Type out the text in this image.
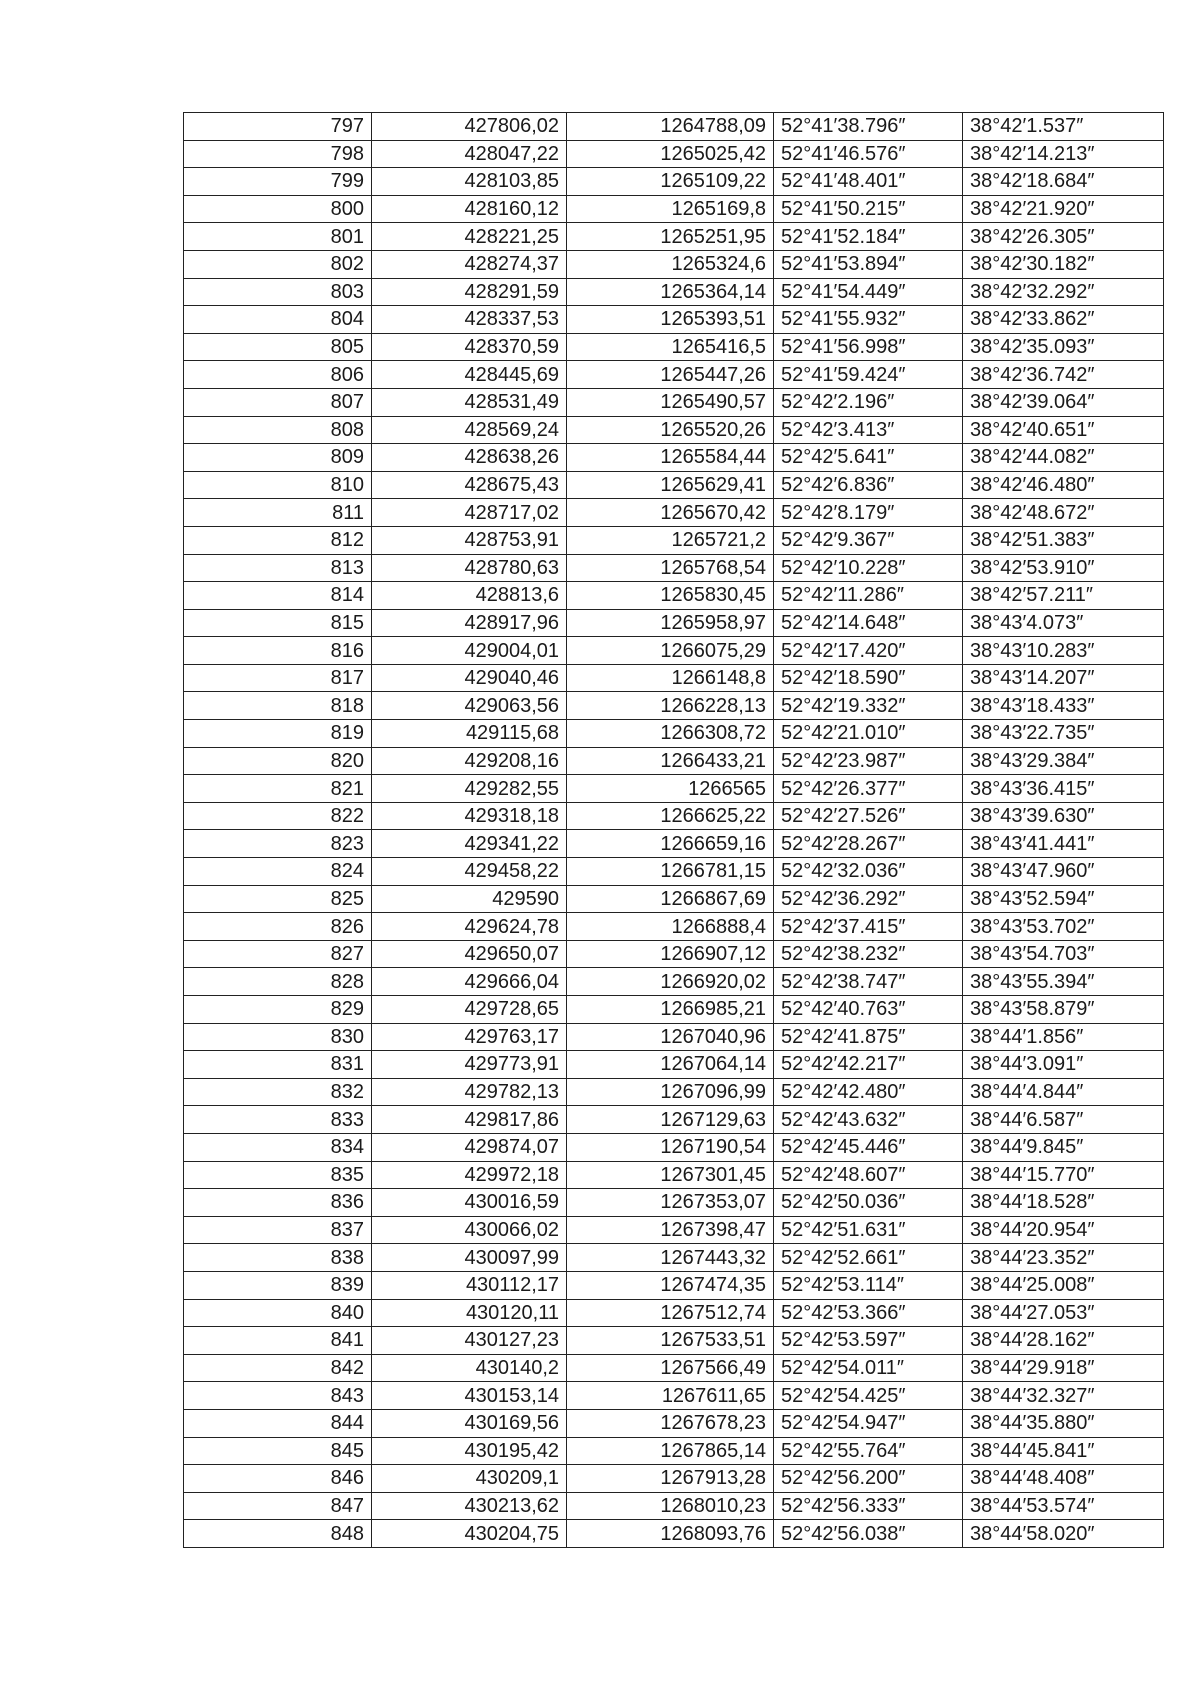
797	427806,02	1264788,09	52°41′38.796″	38°42′1.537″
798	428047,22	1265025,42	52°41′46.576″	38°42′14.213″
799	428103,85	1265109,22	52°41′48.401″	38°42′18.684″
800	428160,12	1265169,8	52°41′50.215″	38°42′21.920″
801	428221,25	1265251,95	52°41′52.184″	38°42′26.305″
802	428274,37	1265324,6	52°41′53.894″	38°42′30.182″
803	428291,59	1265364,14	52°41′54.449″	38°42′32.292″
804	428337,53	1265393,51	52°41′55.932″	38°42′33.862″
805	428370,59	1265416,5	52°41′56.998″	38°42′35.093″
806	428445,69	1265447,26	52°41′59.424″	38°42′36.742″
807	428531,49	1265490,57	52°42′2.196″	38°42′39.064″
808	428569,24	1265520,26	52°42′3.413″	38°42′40.651″
809	428638,26	1265584,44	52°42′5.641″	38°42′44.082″
810	428675,43	1265629,41	52°42′6.836″	38°42′46.480″
811	428717,02	1265670,42	52°42′8.179″	38°42′48.672″
812	428753,91	1265721,2	52°42′9.367″	38°42′51.383″
813	428780,63	1265768,54	52°42′10.228″	38°42′53.910″
814	428813,6	1265830,45	52°42′11.286″	38°42′57.211″
815	428917,96	1265958,97	52°42′14.648″	38°43′4.073″
816	429004,01	1266075,29	52°42′17.420″	38°43′10.283″
817	429040,46	1266148,8	52°42′18.590″	38°43′14.207″
818	429063,56	1266228,13	52°42′19.332″	38°43′18.433″
819	429115,68	1266308,72	52°42′21.010″	38°43′22.735″
820	429208,16	1266433,21	52°42′23.987″	38°43′29.384″
821	429282,55	1266565	52°42′26.377″	38°43′36.415″
822	429318,18	1266625,22	52°42′27.526″	38°43′39.630″
823	429341,22	1266659,16	52°42′28.267″	38°43′41.441″
824	429458,22	1266781,15	52°42′32.036″	38°43′47.960″
825	429590	1266867,69	52°42′36.292″	38°43′52.594″
826	429624,78	1266888,4	52°42′37.415″	38°43′53.702″
827	429650,07	1266907,12	52°42′38.232″	38°43′54.703″
828	429666,04	1266920,02	52°42′38.747″	38°43′55.394″
829	429728,65	1266985,21	52°42′40.763″	38°43′58.879″
830	429763,17	1267040,96	52°42′41.875″	38°44′1.856″
831	429773,91	1267064,14	52°42′42.217″	38°44′3.091″
832	429782,13	1267096,99	52°42′42.480″	38°44′4.844″
833	429817,86	1267129,63	52°42′43.632″	38°44′6.587″
834	429874,07	1267190,54	52°42′45.446″	38°44′9.845″
835	429972,18	1267301,45	52°42′48.607″	38°44′15.770″
836	430016,59	1267353,07	52°42′50.036″	38°44′18.528″
837	430066,02	1267398,47	52°42′51.631″	38°44′20.954″
838	430097,99	1267443,32	52°42′52.661″	38°44′23.352″
839	430112,17	1267474,35	52°42′53.114″	38°44′25.008″
840	430120,11	1267512,74	52°42′53.366″	38°44′27.053″
841	430127,23	1267533,51	52°42′53.597″	38°44′28.162″
842	430140,2	1267566,49	52°42′54.011″	38°44′29.918″
843	430153,14	1267611,65	52°42′54.425″	38°44′32.327″
844	430169,56	1267678,23	52°42′54.947″	38°44′35.880″
845	430195,42	1267865,14	52°42′55.764″	38°44′45.841″
846	430209,1	1267913,28	52°42′56.200″	38°44′48.408″
847	430213,62	1268010,23	52°42′56.333″	38°44′53.574″
848	430204,75	1268093,76	52°42′56.038″	38°44′58.020″
